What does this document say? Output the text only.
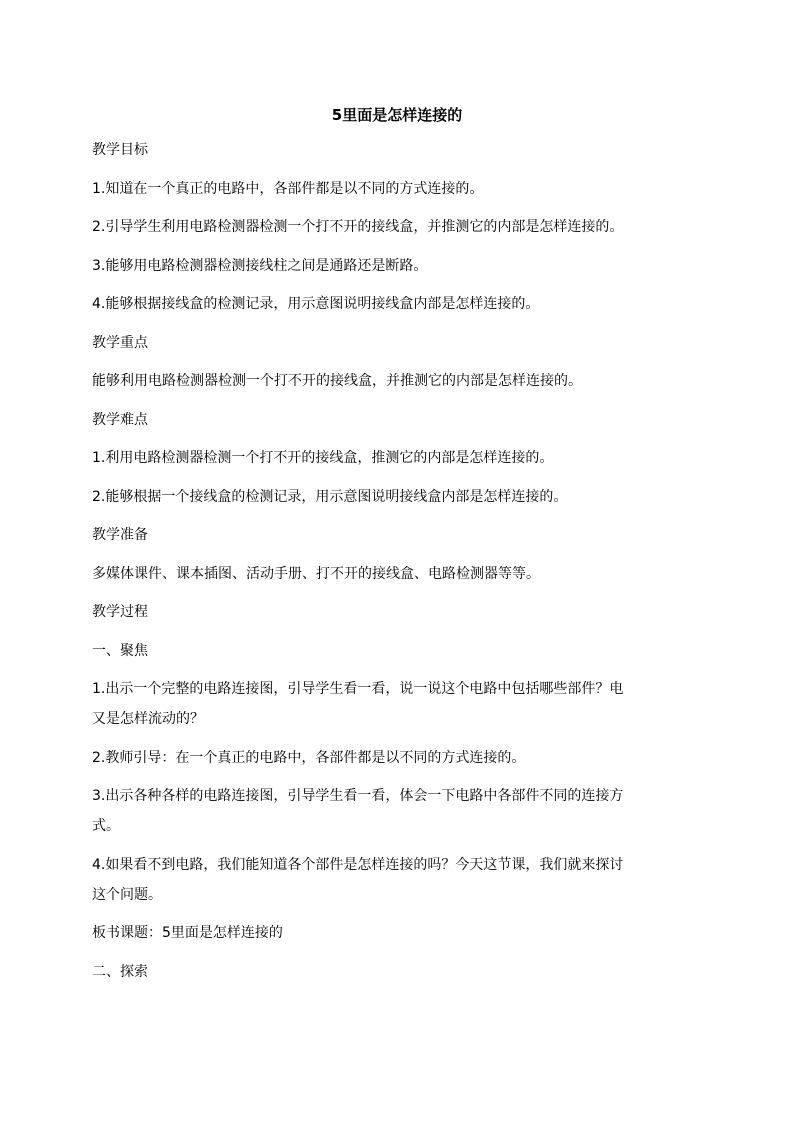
5里面是怎样连接的

教学目标

1.知道在一个真正的电路中，各部件都是以不同的方式连接的。

2.引导学生利用电路检测器检测一个打不开的接线盒，并推测它的内部是怎样连接的。

3.能够用电路检测器检测接线柱之间是通路还是断路。

4.能够根据接线盒的检测记录，用示意图说明接线盒内部是怎样连接的。

教学重点

能够利用电路检测器检测一个打不开的接线盒，并推测它的内部是怎样连接的。

教学难点

1.利用电路检测器检测一个打不开的接线盒，推测它的内部是怎样连接的。

2.能够根据一个接线盒的检测记录，用示意图说明接线盒内部是怎样连接的。

教学准备

多媒体课件、课本插图、活动手册、打不开的接线盒、电路检测器等等。

教学过程

一、聚焦

1.出示一个完整的电路连接图，引导学生看一看，说一说这个电路中包括哪些部件？电

又是怎样流动的？

2.教师引导：在一个真正的电路中，各部件都是以不同的方式连接的。

3.出示各种各样的电路连接图，引导学生看一看，体会一下电路中各部件不同的连接方

式。

4.如果看不到电路，我们能知道各个部件是怎样连接的吗？今天这节课，我们就来探讨

这个问题。

板书课题：5里面是怎样连接的

二、探索
